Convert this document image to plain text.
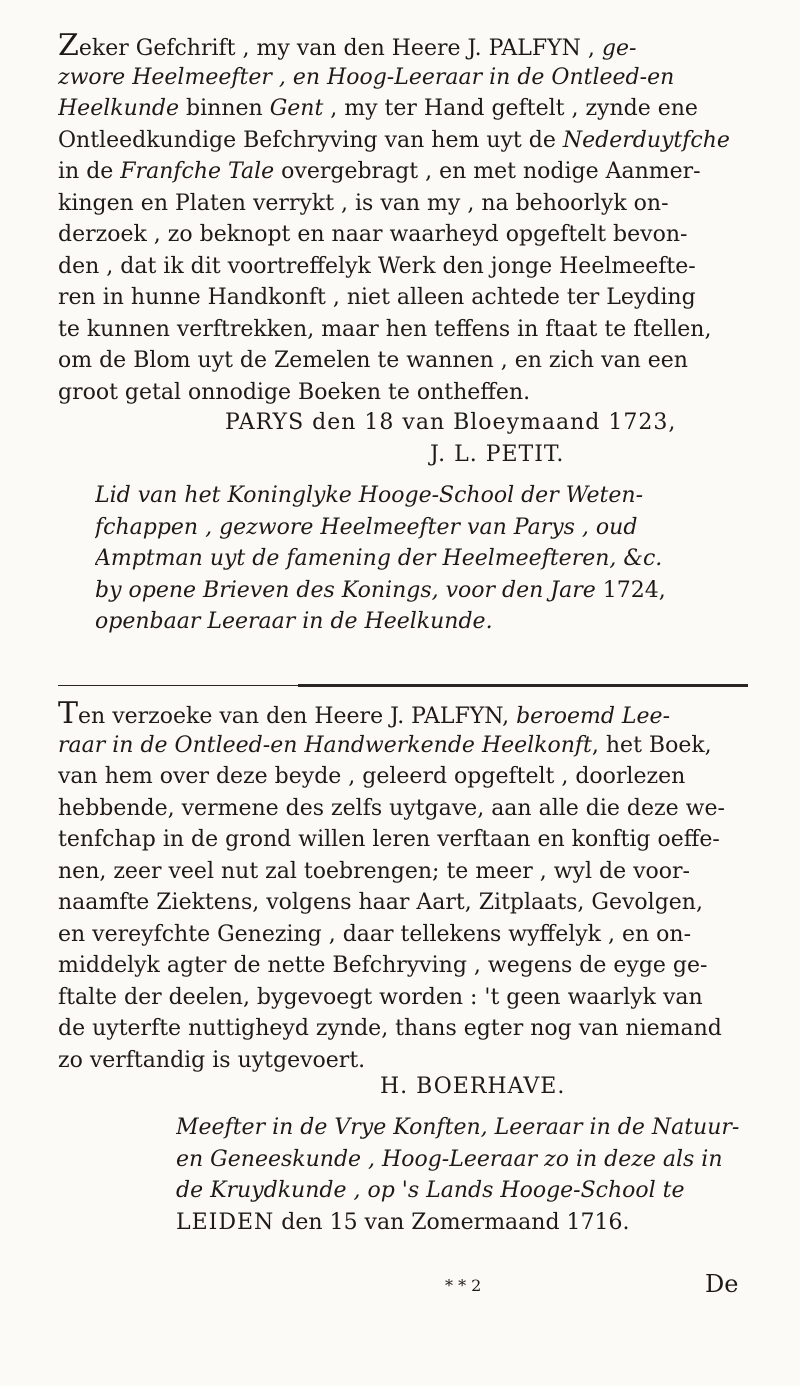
Zeker Gefchrift , my van den Heere J. PALFYN , ge-
zwore Heelmeefter , en Hoog-Leeraar in de Ontleed-en
Heelkunde binnen Gent , my ter Hand geftelt , zynde ene
Ontleedkundige Befchryving van hem uyt de Nederduytfche
in de Franfche Tale overgebragt , en met nodige Aanmer-
kingen en Platen verrykt , is van my , na behoorlyk on-
derzoek , zo beknopt en naar waarheyd opgeftelt bevon-
den , dat ik dit voortreffelyk Werk den jonge Heelmeefte-
ren in hunne Handkonft , niet alleen achtede ter Leyding
te kunnen verftrekken, maar hen teffens in ftaat te ftellen,
om de Blom uyt de Zemelen te wannen , en zich van een
groot getal onnodige Boeken te ontheffen.
PARYS den 18 van Bloeymaand 1723,
J. L. PETIT.
Lid van het Koninglyke Hooge-School der Weten-
fchappen , gezwore Heelmeefter van Parys , oud
Amptman uyt de famening der Heelmeefteren, &c.
by opene Brieven des Konings, voor den Jare 1724,
openbaar Leeraar in de Heelkunde.
Ten verzoeke van den Heere J. PALFYN, beroemd Lee-
raar in de Ontleed-en Handwerkende Heelkonft, het Boek,
van hem over deze beyde , geleerd opgeftelt , doorlezen
hebbende, vermene des zelfs uytgave, aan alle die deze we-
tenfchap in de grond willen leren verftaan en konftig oeffe-
nen, zeer veel nut zal toebrengen; te meer , wyl de voor-
naamfte Ziektens, volgens haar Aart, Zitplaats, Gevolgen,
en vereyfchte Genezing , daar tellekens wyffelyk , en on-
middelyk agter de nette Befchryving , wegens de eyge ge-
ftalte der deelen, bygevoegt worden : 't geen waarlyk van
de uyterfte nuttigheyd zynde, thans egter nog van niemand
zo verftandig is uytgevoert.
H. BOERHAVE.
Meefter in de Vrye Konften, Leeraar in de Natuur-
en Geneeskunde , Hoog-Leeraar zo in deze als in
de Kruydkunde , op 's Lands Hooge-School te
LEIDEN den 15 van Zomermaand 1716.
* * 2	De
